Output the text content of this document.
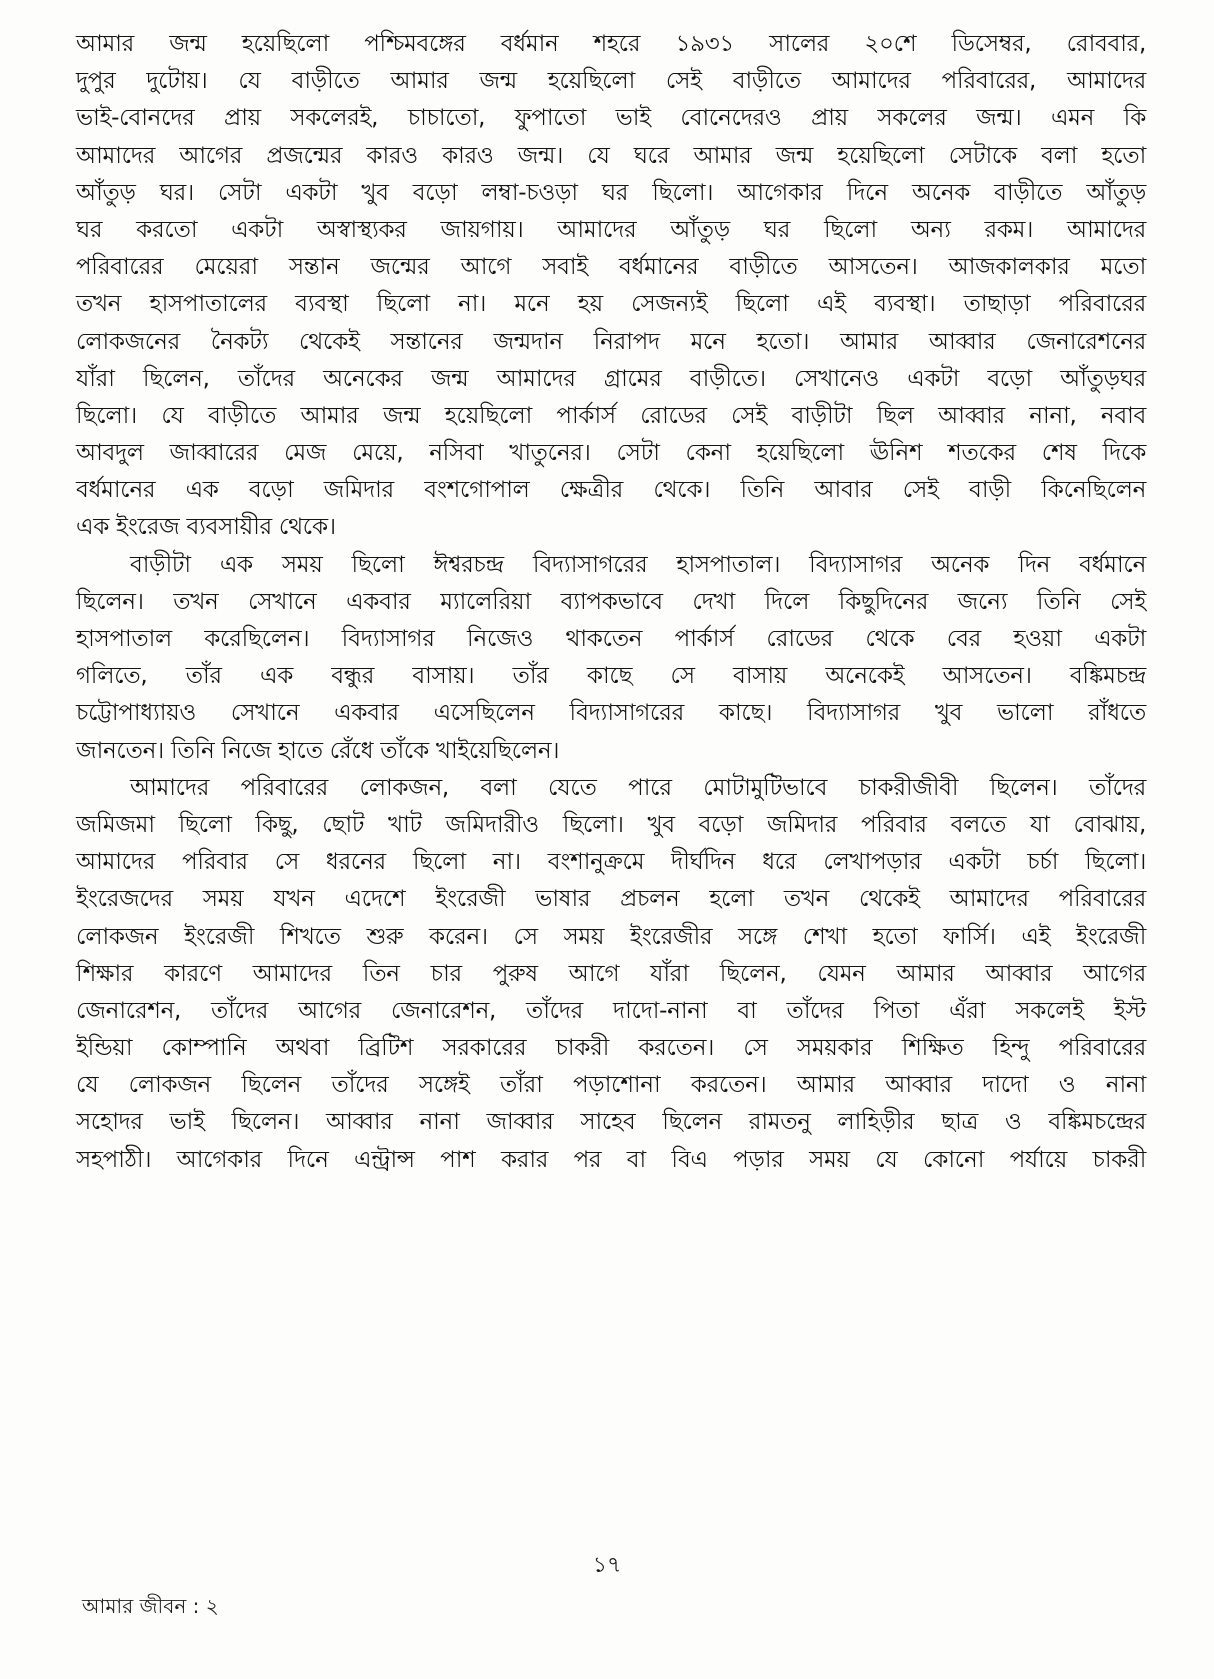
আমার জন্ম হয়েছিলো পশ্চিমবঙ্গের বর্ধমান শহরে ১৯৩১ সালের ২০শে ডিসেম্বর, রোববার,
দুপুর দুটোয়। যে বাড়ীতে আমার জন্ম হয়েছিলো সেই বাড়ীতে আমাদের পরিবারের, আমাদের
ভাই-বোনদের প্রায় সকলেরই, চাচাতো, ফুপাতো ভাই বোনেদেরও প্রায় সকলের জন্ম। এমন কি
আমাদের আগের প্রজন্মের কারও কারও জন্ম। যে ঘরে আমার জন্ম হয়েছিলো সেটাকে বলা হতো
আঁতুড় ঘর। সেটা একটা খুব বড়ো লম্বা-চওড়া ঘর ছিলো। আগেকার দিনে অনেক বাড়ীতে আঁতুড়
ঘর করতো একটা অস্বাস্থ্যকর জায়গায়। আমাদের আঁতুড় ঘর ছিলো অন্য রকম। আমাদের
পরিবারের মেয়েরা সন্তান জন্মের আগে সবাই বর্ধমানের বাড়ীতে আসতেন। আজকালকার মতো
তখন হাসপাতালের ব্যবস্থা ছিলো না। মনে হয় সেজন্যই ছিলো এই ব্যবস্থা। তাছাড়া পরিবারের
লোকজনের নৈকট্য থেকেই সন্তানের জন্মদান নিরাপদ মনে হতো। আমার আব্বার জেনারেশনের
যাঁরা ছিলেন, তাঁদের অনেকের জন্ম আমাদের গ্রামের বাড়ীতে। সেখানেও একটা বড়ো আঁতুড়ঘর
ছিলো। যে বাড়ীতে আমার জন্ম হয়েছিলো পার্কার্স রোডের সেই বাড়ীটা ছিল আব্বার নানা, নবাব
আবদুল জাব্বারের মেজ মেয়ে, নসিবা খাতুনের। সেটা কেনা হয়েছিলো ঊনিশ শতকের শেষ দিকে
বর্ধমানের এক বড়ো জমিদার বংশগোপাল ক্ষেত্রীর থেকে। তিনি আবার সেই বাড়ী কিনেছিলেন
এক ইংরেজ ব্যবসায়ীর থেকে।
বাড়ীটা এক সময় ছিলো ঈশ্বরচন্দ্র বিদ্যাসাগরের হাসপাতাল। বিদ্যাসাগর অনেক দিন বর্ধমানে
ছিলেন। তখন সেখানে একবার ম্যালেরিয়া ব্যাপকভাবে দেখা দিলে কিছুদিনের জন্যে তিনি সেই
হাসপাতাল করেছিলেন। বিদ্যাসাগর নিজেও থাকতেন পার্কার্স রোডের থেকে বের হওয়া একটা
গলিতে, তাঁর এক বন্ধুর বাসায়। তাঁর কাছে সে বাসায় অনেকেই আসতেন। বঙ্কিমচন্দ্র
চট্টোপাধ্যায়ও সেখানে একবার এসেছিলেন বিদ্যাসাগরের কাছে। বিদ্যাসাগর খুব ভালো রাঁধতে
জানতেন। তিনি নিজে হাতে রেঁধে তাঁকে খাইয়েছিলেন।
আমাদের পরিবারের লোকজন, বলা যেতে পারে মোটামুটিভাবে চাকরীজীবী ছিলেন। তাঁদের
জমিজমা ছিলো কিছু, ছোট খাট জমিদারীও ছিলো। খুব বড়ো জমিদার পরিবার বলতে যা বোঝায়,
আমাদের পরিবার সে ধরনের ছিলো না। বংশানুক্রমে দীর্ঘদিন ধরে লেখাপড়ার একটা চর্চা ছিলো।
ইংরেজদের সময় যখন এদেশে ইংরেজী ভাষার প্রচলন হলো তখন থেকেই আমাদের পরিবারের
লোকজন ইংরেজী শিখতে শুরু করেন। সে সময় ইংরেজীর সঙ্গে শেখা হতো ফার্সি। এই ইংরেজী
শিক্ষার কারণে আমাদের তিন চার পুরুষ আগে যাঁরা ছিলেন, যেমন আমার আব্বার আগের
জেনারেশন, তাঁদের আগের জেনারেশন, তাঁদের দাদো-নানা বা তাঁদের পিতা এঁরা সকলেই ইস্ট
ইন্ডিয়া কোম্পানি অথবা ব্রিটিশ সরকারের চাকরী করতেন। সে সময়কার শিক্ষিত হিন্দু পরিবারের
যে লোকজন ছিলেন তাঁদের সঙ্গেই তাঁরা পড়াশোনা করতেন। আমার আব্বার দাদো ও নানা
সহোদর ভাই ছিলেন। আব্বার নানা জাব্বার সাহেব ছিলেন রামতনু লাহিড়ীর ছাত্র ও বঙ্কিমচন্দ্রের
সহপাঠী। আগেকার দিনে এন্ট্রান্স পাশ করার পর বা বিএ পড়ার সময় যে কোনো পর্যায়ে চাকরী
১৭
আমার জীবন : ২
